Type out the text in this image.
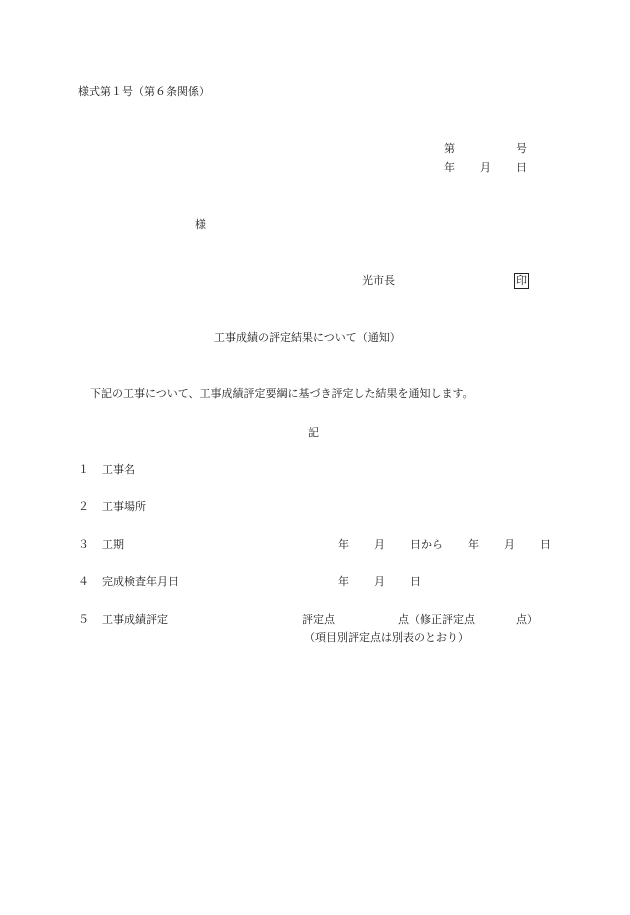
様式第１号（第６条関係）
第	号
年 月 日
様
光市長	印
工事成績の評定結果について（通知）
下記の工事について、工事成績評定要綱に基づき評定した結果を通知します。
記
１ 工事名
２ 工事場所
３ 工期	年 月 日から 年 月 日
４ 完成検査年月日	年 月 日
５ 工事成績評定	評定点	点（修正評定点	点）
（項目別評定点は別表のとおり）
